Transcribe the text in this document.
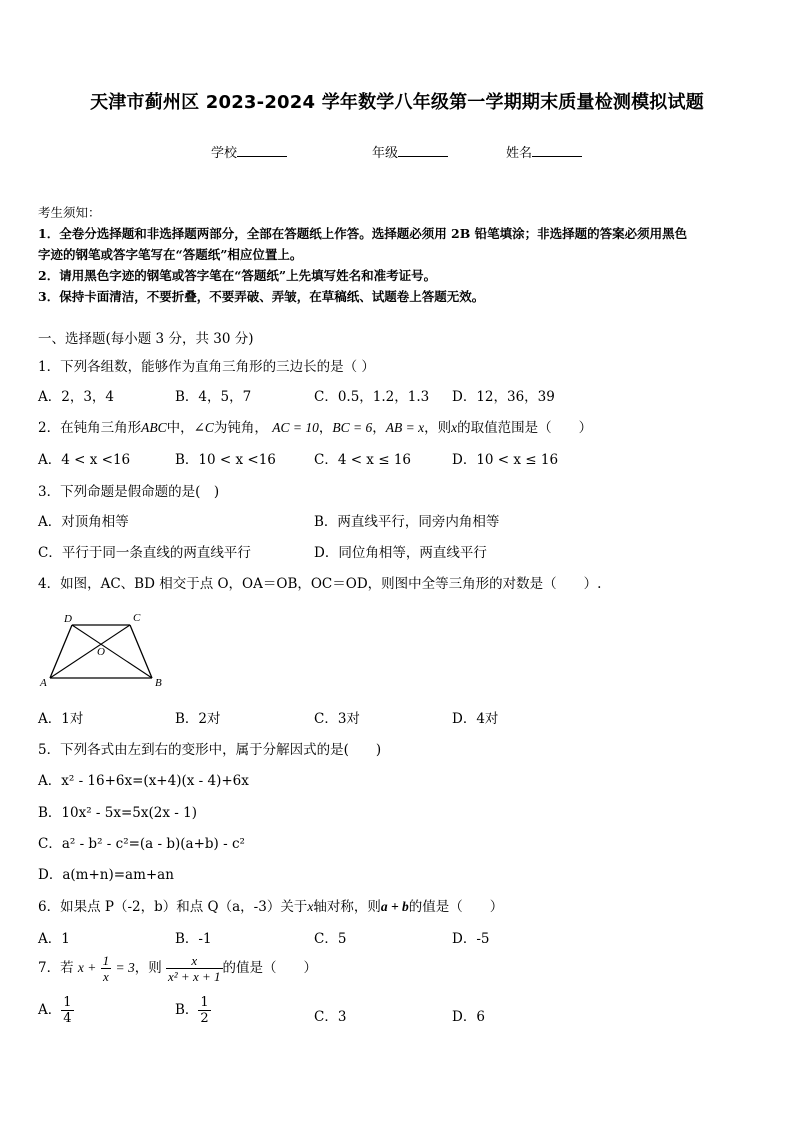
天津市蓟州区 2023-2024 学年数学八年级第一学期期末质量检测模拟试题
学校	年级	姓名
考生须知：
1．全卷分选择题和非选择题两部分，全部在答题纸上作答。选择题必须用 2B 铅笔填涂；非选择题的答案必须用黑色
字迹的钢笔或答字笔写在“答题纸”相应位置上。
2．请用黑色字迹的钢笔或答字笔在“答题纸”上先填写姓名和准考证号。
3．保持卡面清洁，不要折叠，不要弄破、弄皱，在草稿纸、试题卷上答题无效。
一、选择题(每小题 3 分，共 30 分)
1．下列各组数，能够作为直角三角形的三边长的是（ ）
A．2，3，4	B．4，5，7	C．0.5，1.2，1.3 D．12，36，39
2．在钝角三角形ABC中，∠C为钝角， AC = 10，BC = 6，AB = x，则x的取值范围是（　　）
A．4 < x <16	B．10 < x <16	C．4 < x ≤ 16	D．10 < x ≤ 16
3．下列命题是假命题的是(　)
A．对顶角相等	B．两直线平行，同旁内角相等
C．平行于同一条直线的两直线平行	D．同位角相等，两直线平行
4．如图，AC、BD 相交于点 O，OA＝OB，OC＝OD，则图中全等三角形的对数是（　　）.
A	B
C
D
O
A．1对	B．2对	C．3对	D．4对
5．下列各式由左到右的变形中，属于分解因式的是(　　)
A．x² - 16+6x=(x+4)(x - 4)+6x
B．10x² - 5x=5x(2x - 1)
C．a² - b² - c²=(a - b)(a+b) - c²
D．a(m+n)=am+an
6．如果点 P（-2，b）和点 Q（a，-3）关于x轴对称，则a + b的值是（　　）
A．1	B．-1	C．5	D．-5
7．若 $x + \frac{1}{x} = 3$，则 $\frac{x}{\text{x² + x + 1}}$ 的值是（　　）
A． $\frac{1}{4}$	B． $\frac{1}{2}$	C．3	D．6
